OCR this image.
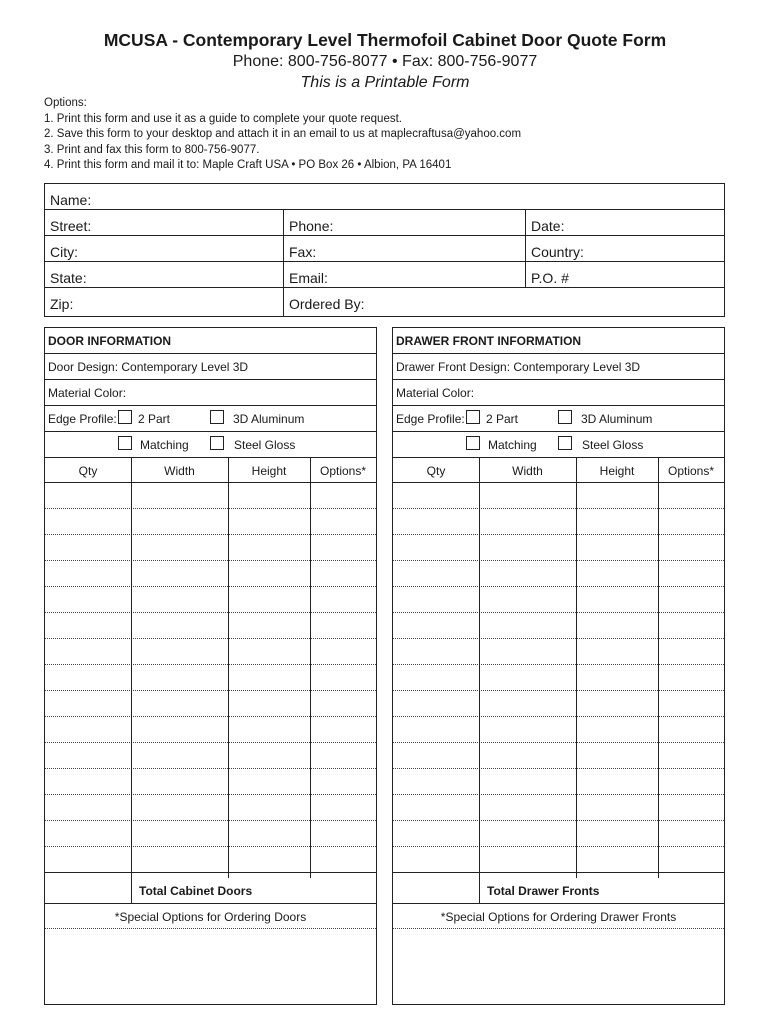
MCUSA - Contemporary Level Thermofoil Cabinet Door Quote Form
Phone: 800-756-8077 • Fax: 800-756-9077
This is a Printable Form
Options:
1. Print this form and use it as a guide to complete your quote request.
2. Save this form to your desktop and attach it in an email to us at maplecraftusa@yahoo.com
3. Print and fax this form to 800-756-9077.
4. Print this form and mail it to: Maple Craft USA • PO Box 26 • Albion, PA 16401
Name:
Street:	Phone:	Date:
City:	Fax:	Country:
State:	Email:	P.O. #
Zip:	Ordered By:
DOOR INFORMATION
Door Design: Contemporary Level 3D
Material Color:
Edge Profile: 2 Part	3D Aluminum
Matching	Steel Gloss
Qty	Width	Height	Options*
Total Cabinet Doors
*Special Options for Ordering Doors
DRAWER FRONT INFORMATION
Drawer Front Design: Contemporary Level 3D
Material Color:
Edge Profile: 2 Part	3D Aluminum
Matching	Steel Gloss
Qty	Width	Height	Options*
Total Drawer Fronts
*Special Options for Ordering Drawer Fronts
